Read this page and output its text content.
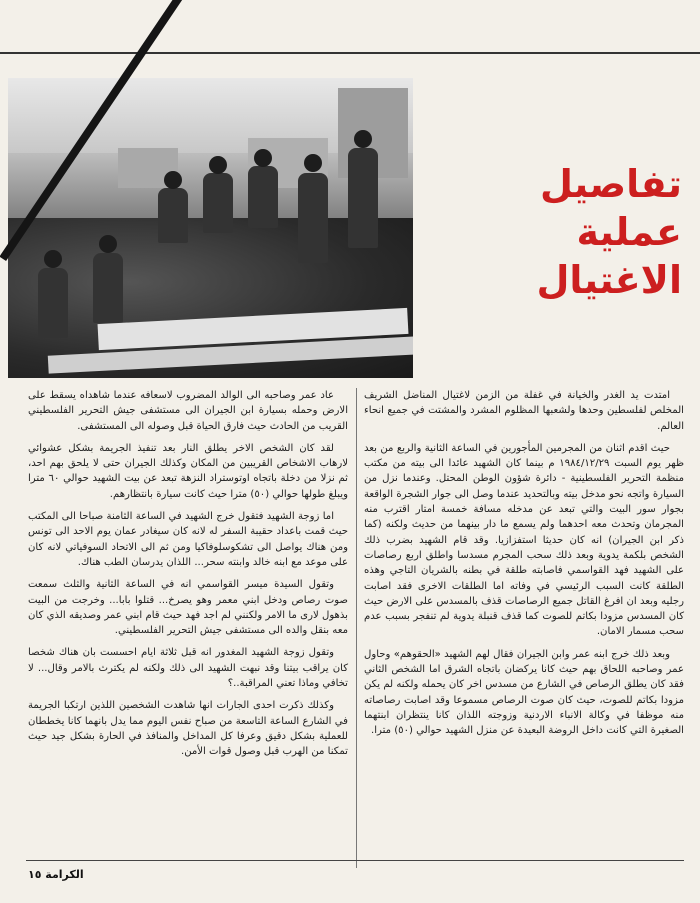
تفاصيل
عملية
الاغتيال

امتدت يد الغدر والخيانة في غفلة من الزمن لاغتيال المناضل الشريف المخلص لفلسطين وحدها ولشعبها المظلوم المشرد والمشتت في جميع انحاء العالم.

حيث اقدم اثنان من المجرمين المأجورين في الساعة الثانية والربع من بعد ظهر يوم السبت ١٩٨٤/١٢/٢٩ م بينما كان الشهيد عائدا الى بيته من مكتب منظمة التحرير الفلسطينية - دائرة شؤون الوطن المحتل. وعندما نزل من السيارة واتجه نحو مدخل بيته وبالتحديد عندما وصل الى جوار الشجرة الواقعة بجوار سور البيت والتي تبعد عن مدخله مسافة خمسة امتار اقترب منه المجرمان وتحدث معه احدهما ولم يسمع ما دار بينهما من حديث ولكنه (كما ذكر ابن الجيران) انه كان حديثا استفزازيا. وقد قام الشهيد بضرب ذلك الشخص بلكمة يدوية وبعد ذلك سحب المجرم مسدسا واطلق اربع رصاصات على الشهيد فهد القواسمي فاصابته طلقة في بطنه بالشريان التاجي وهذه الطلقة كانت السبب الرئيسي في وفاته اما الطلقات الاخرى فقد اصابت رجليه وبعد ان افرغ القاتل جميع الرصاصات قذف بالمسدس على الارض حيث كان المسدس مزودا بكاتم للصوت كما قذف قنبلة يدوية لم تنفجر بسبب عدم سحب مسمار الامان.

وبعد ذلك خرج ابنه عمر وابن الجيران فقال لهم الشهيد «الحقوهم» وحاول عمر وصاحبه اللحاق بهم حيث كانا يركضان باتجاه الشرق اما الشخص الثاني فقد كان يطلق الرصاص في الشارع من مسدس اخر كان يحمله ولكنه لم يكن مزودا بكاتم للصوت، حيث كان صوت الرصاص مسموعا وقد اصابت رصاصاته منه موظفا في وكالة الانباء الاردنية وزوجته اللذان كانا ينتظران ابنتهما الصغيرة التي كانت داخل الروضة البعيدة عن منزل الشهيد حوالي (٥٠) مترا.

عاد عمر وصاحبه الى الوالد المضروب لاسعافه عندما شاهداه يسقط على الارض وحمله بسيارة ابن الجيران الى مستشفى جيش التحرير الفلسطيني القريب من الحادث حيث فارق الحياة قبل وصوله الى المستشفى.

لقد كان الشخص الاخر يطلق النار بعد تنفيذ الجريمة بشكل عشوائي لارهاب الاشخاص القريبين من المكان وكذلك الجيران حتى لا يلحق بهم احد، ثم نزلا من دخلة باتجاه اوتوستراد النزهة تبعد عن بيت الشهيد حوالي ٦٠ مترا ويبلغ طولها حوالي (٥٠) مترا حيث كانت سيارة بانتظارهم.

اما زوجة الشهيد فتقول خرج الشهيد في الساعة الثامنة صباحا الى المكتب حيث قمت باعداد حقيبة السفر له لانه كان سيغادر عمان يوم الاحد الى تونس ومن هناك يواصل الى تشكوسلوفاكيا ومن ثم الى الاتحاد السوفياتي لانه كان على موعد مع ابنه خالد وابنته سحر... اللذان يدرسان الطب هناك.

وتقول السيدة ميسر القواسمي انه في الساعة الثانية والثلث سمعت صوت رصاص ودخل ابني معمر وهو يصرخ... قتلوا بابا... وخرجت من البيت بذهول لارى ما الامر ولكنني لم اجد فهد حيث قام ابني عمر وصديقه الذي كان معه بنقل والده الى مستشفى جيش التحرير الفلسطيني.

وتقول زوجة الشهيد المغدور انه قبل ثلاثة ايام احسست بان هناك شخصا كان يراقب بيتنا وقد نبهت الشهيد الى ذلك ولكنه لم يكترث بالامر وقال... لا تخافي وماذا تعني المراقبة..؟

وكذلك ذكرت احدى الجارات انها شاهدت الشخصين اللذين ارتكبا الجريمة في الشارع الساعة التاسعة من صباح نفس اليوم مما يدل بانهما كانا يخططان للعملية بشكل دقيق وعرفا كل المداخل والمنافذ في الحارة بشكل جيد حيث تمكنا من الهرب قبل وصول قوات الأمن.

الكرامة ١٥
